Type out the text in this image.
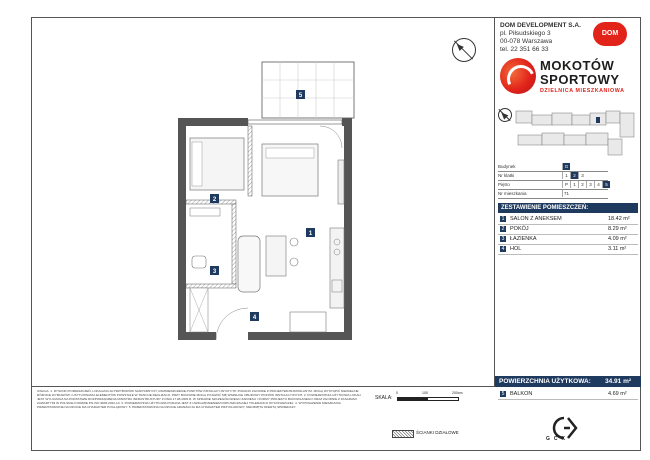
DOM DEVELOPMENT S.A.
pl. Piłsudskiego 3
00-078 Warszawa
tel. 22 351 66 33
DOM
MOKOTÓW
SPORTOWY
DZIELNICA MIESZKANIOWA
Budynek	G
Nr klatki	1	2	3
Piętro	P	1	2	3	4	5
Nr mieszkania	71
ZESTAWIENIE POMIESZCZEŃ:
1 SALON Z ANEKSEM	18.42 m²
2 POKÓJ	8.29 m²
3 ŁAZIENKA	4.09 m²
4 HOL	3.11 m²
POWIERZCHNIA UŻYTKOWA: 34.91 m²
5 BALKON	4.69 m²
GCK
UWAGA: 1. RYSUNKI POMIESZCZEŃ, LOKALIZACJA PRZYBORÓW SANITARNYCH, ROZMIESZCZENIE PUNKTÓW INSTALACYJNYCH ITP. PODANO ZGODNIE Z PROJEKTEM BUDOWLANYM. MOGĄ WYSTĄPIĆ NIEWIELKIE RÓŻNICE WYMIARÓW I USYTUOWANIA ELEMENTÓW POWSTAŁE W TRAKCIE REALIZACJI. PRZY BUDOWIE MOGĄ POJAWIĆ SIĘ WSZELKIE OBUDOWY PIONÓW INSTALACYJNYCH. 2. POWIERZCHNIA UŻYTKOWA LOKALI JEST WYLICZANA NA PODSTAWIE ROZPORZĄDZENIA MINISTRA INFRASTRUKTURY Z DNIA 17.08.2009 R. W SPRAWIE SZCZEGÓŁOWEGO ZAKRESU I FORMY PROJEKTU BUDOWLANEGO ORAZ ZGODNIE Z ZASADAMI ZAWARTYMI W POLSKIEJ NORMIE PN-ISO 9836:2022-10. 3. POWIERZCHNIA UŻYTKOWA PODANA JEST Z UWZGLĘDNIENIEM DOPUSZCZALNEJ TOLERANCJI WYKONAWCZEJ. 4. WYPOSAŻENIE MIESZKANIA PRZEDSTAWIONE NA RZUCIE MA CHARAKTER POGLĄDOWY. 5. PRZEDSTAWIONA NA RZUCIE ARANŻACJA MA CHARAKTER PRZYKŁADOWY, NIEOBJĘTA OFERTĄ SPRZEDAŻY.
SKALA:
0	100	200cm
ŚCIANKI DZIAŁOWE
5
1
2
3
4
